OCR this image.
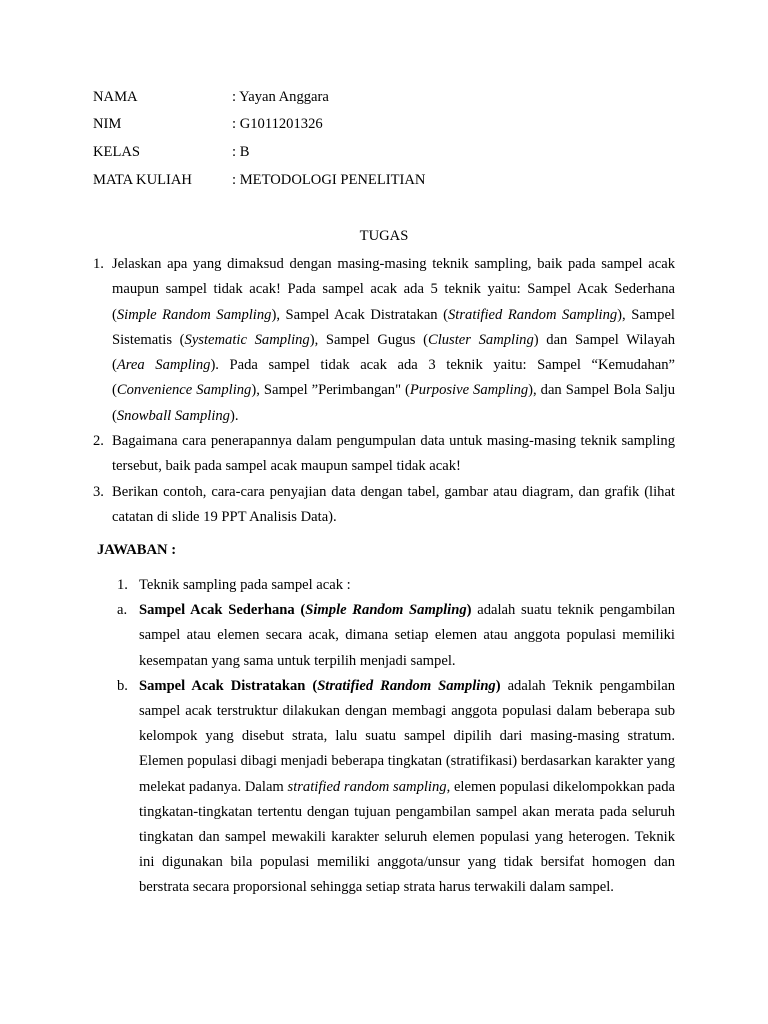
NAMA	: Yayan Anggara
NIM	: G1011201326
KELAS	: B
MATA KULIAH	: METODOLOGI PENELITIAN
TUGAS
1. Jelaskan apa yang dimaksud dengan masing-masing teknik sampling, baik pada sampel acak maupun sampel tidak acak! Pada sampel acak ada 5 teknik yaitu: Sampel Acak Sederhana (Simple Random Sampling), Sampel Acak Distratakan (Stratified Random Sampling), Sampel Sistematis (Systematic Sampling), Sampel Gugus (Cluster Sampling) dan Sampel Wilayah (Area Sampling). Pada sampel tidak acak ada 3 teknik yaitu: Sampel “Kemudahan” (Convenience Sampling), Sampel ”Perimbangan" (Purposive Sampling), dan Sampel Bola Salju (Snowball Sampling).
2. Bagaimana cara penerapannya dalam pengumpulan data untuk masing-masing teknik sampling tersebut, baik pada sampel acak maupun sampel tidak acak!
3. Berikan contoh, cara-cara penyajian data dengan tabel, gambar atau diagram, dan grafik (lihat catatan di slide 19 PPT Analisis Data).
JAWABAN :
1. Teknik sampling pada sampel acak :
a. Sampel Acak Sederhana (Simple Random Sampling) adalah suatu teknik pengambilan sampel atau elemen secara acak, dimana setiap elemen atau anggota populasi memiliki kesempatan yang sama untuk terpilih menjadi sampel.
b. Sampel Acak Distratakan (Stratified Random Sampling) adalah Teknik pengambilan sampel acak terstruktur dilakukan dengan membagi anggota populasi dalam beberapa sub kelompok yang disebut strata, lalu suatu sampel dipilih dari masing-masing stratum. Elemen populasi dibagi menjadi beberapa tingkatan (stratifikasi) berdasarkan karakter yang melekat padanya. Dalam stratified random sampling, elemen populasi dikelompokkan pada tingkatan-tingkatan tertentu dengan tujuan pengambilan sampel akan merata pada seluruh tingkatan dan sampel mewakili karakter seluruh elemen populasi yang heterogen. Teknik ini digunakan bila populasi memiliki anggota/unsur yang tidak bersifat homogen dan berstrata secara proporsional sehingga setiap strata harus terwakili dalam sampel.
